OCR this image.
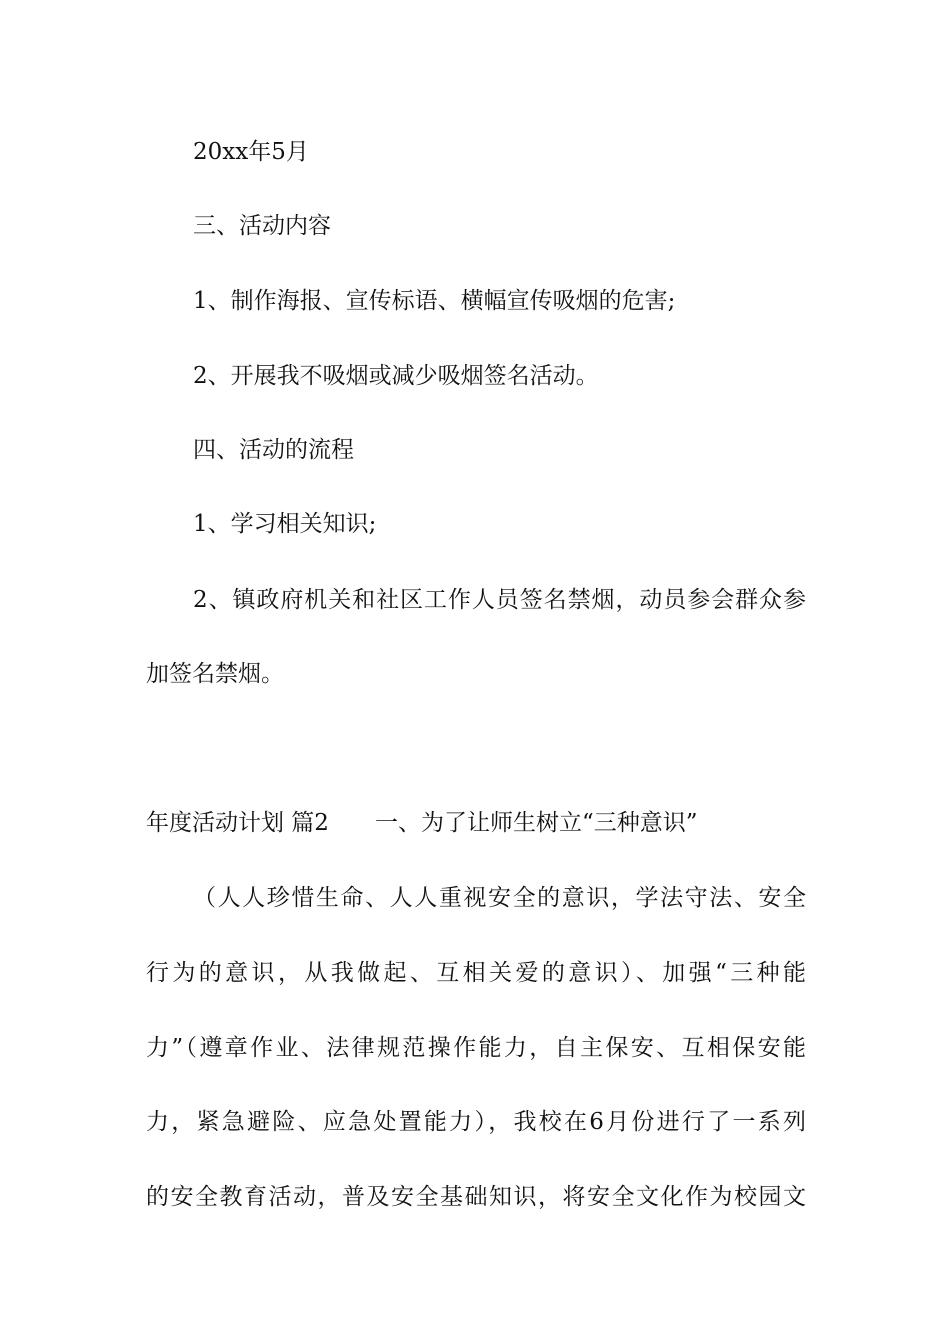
20xx年5月
三、活动内容
1、制作海报、宣传标语、横幅宣传吸烟的危害;
2、开展我不吸烟或减少吸烟签名活动。
四、活动的流程
1、学习相关知识;
2、镇政府机关和社区工作人员签名禁烟，动员参会群众参
加签名禁烟。
年度活动计划 篇2 一、为了让师生树立“三种意识”
（人人珍惜生命、人人重视安全的意识，学法守法、安全
行为的意识，从我做起、互相关爱的意识）、加强“三种能
力”（遵章作业、法律规范操作能力，自主保安、互相保安能
力，紧急避险、应急处置能力），我校在6月份进行了一系列
的安全教育活动，普及安全基础知识，将安全文化作为校园文
